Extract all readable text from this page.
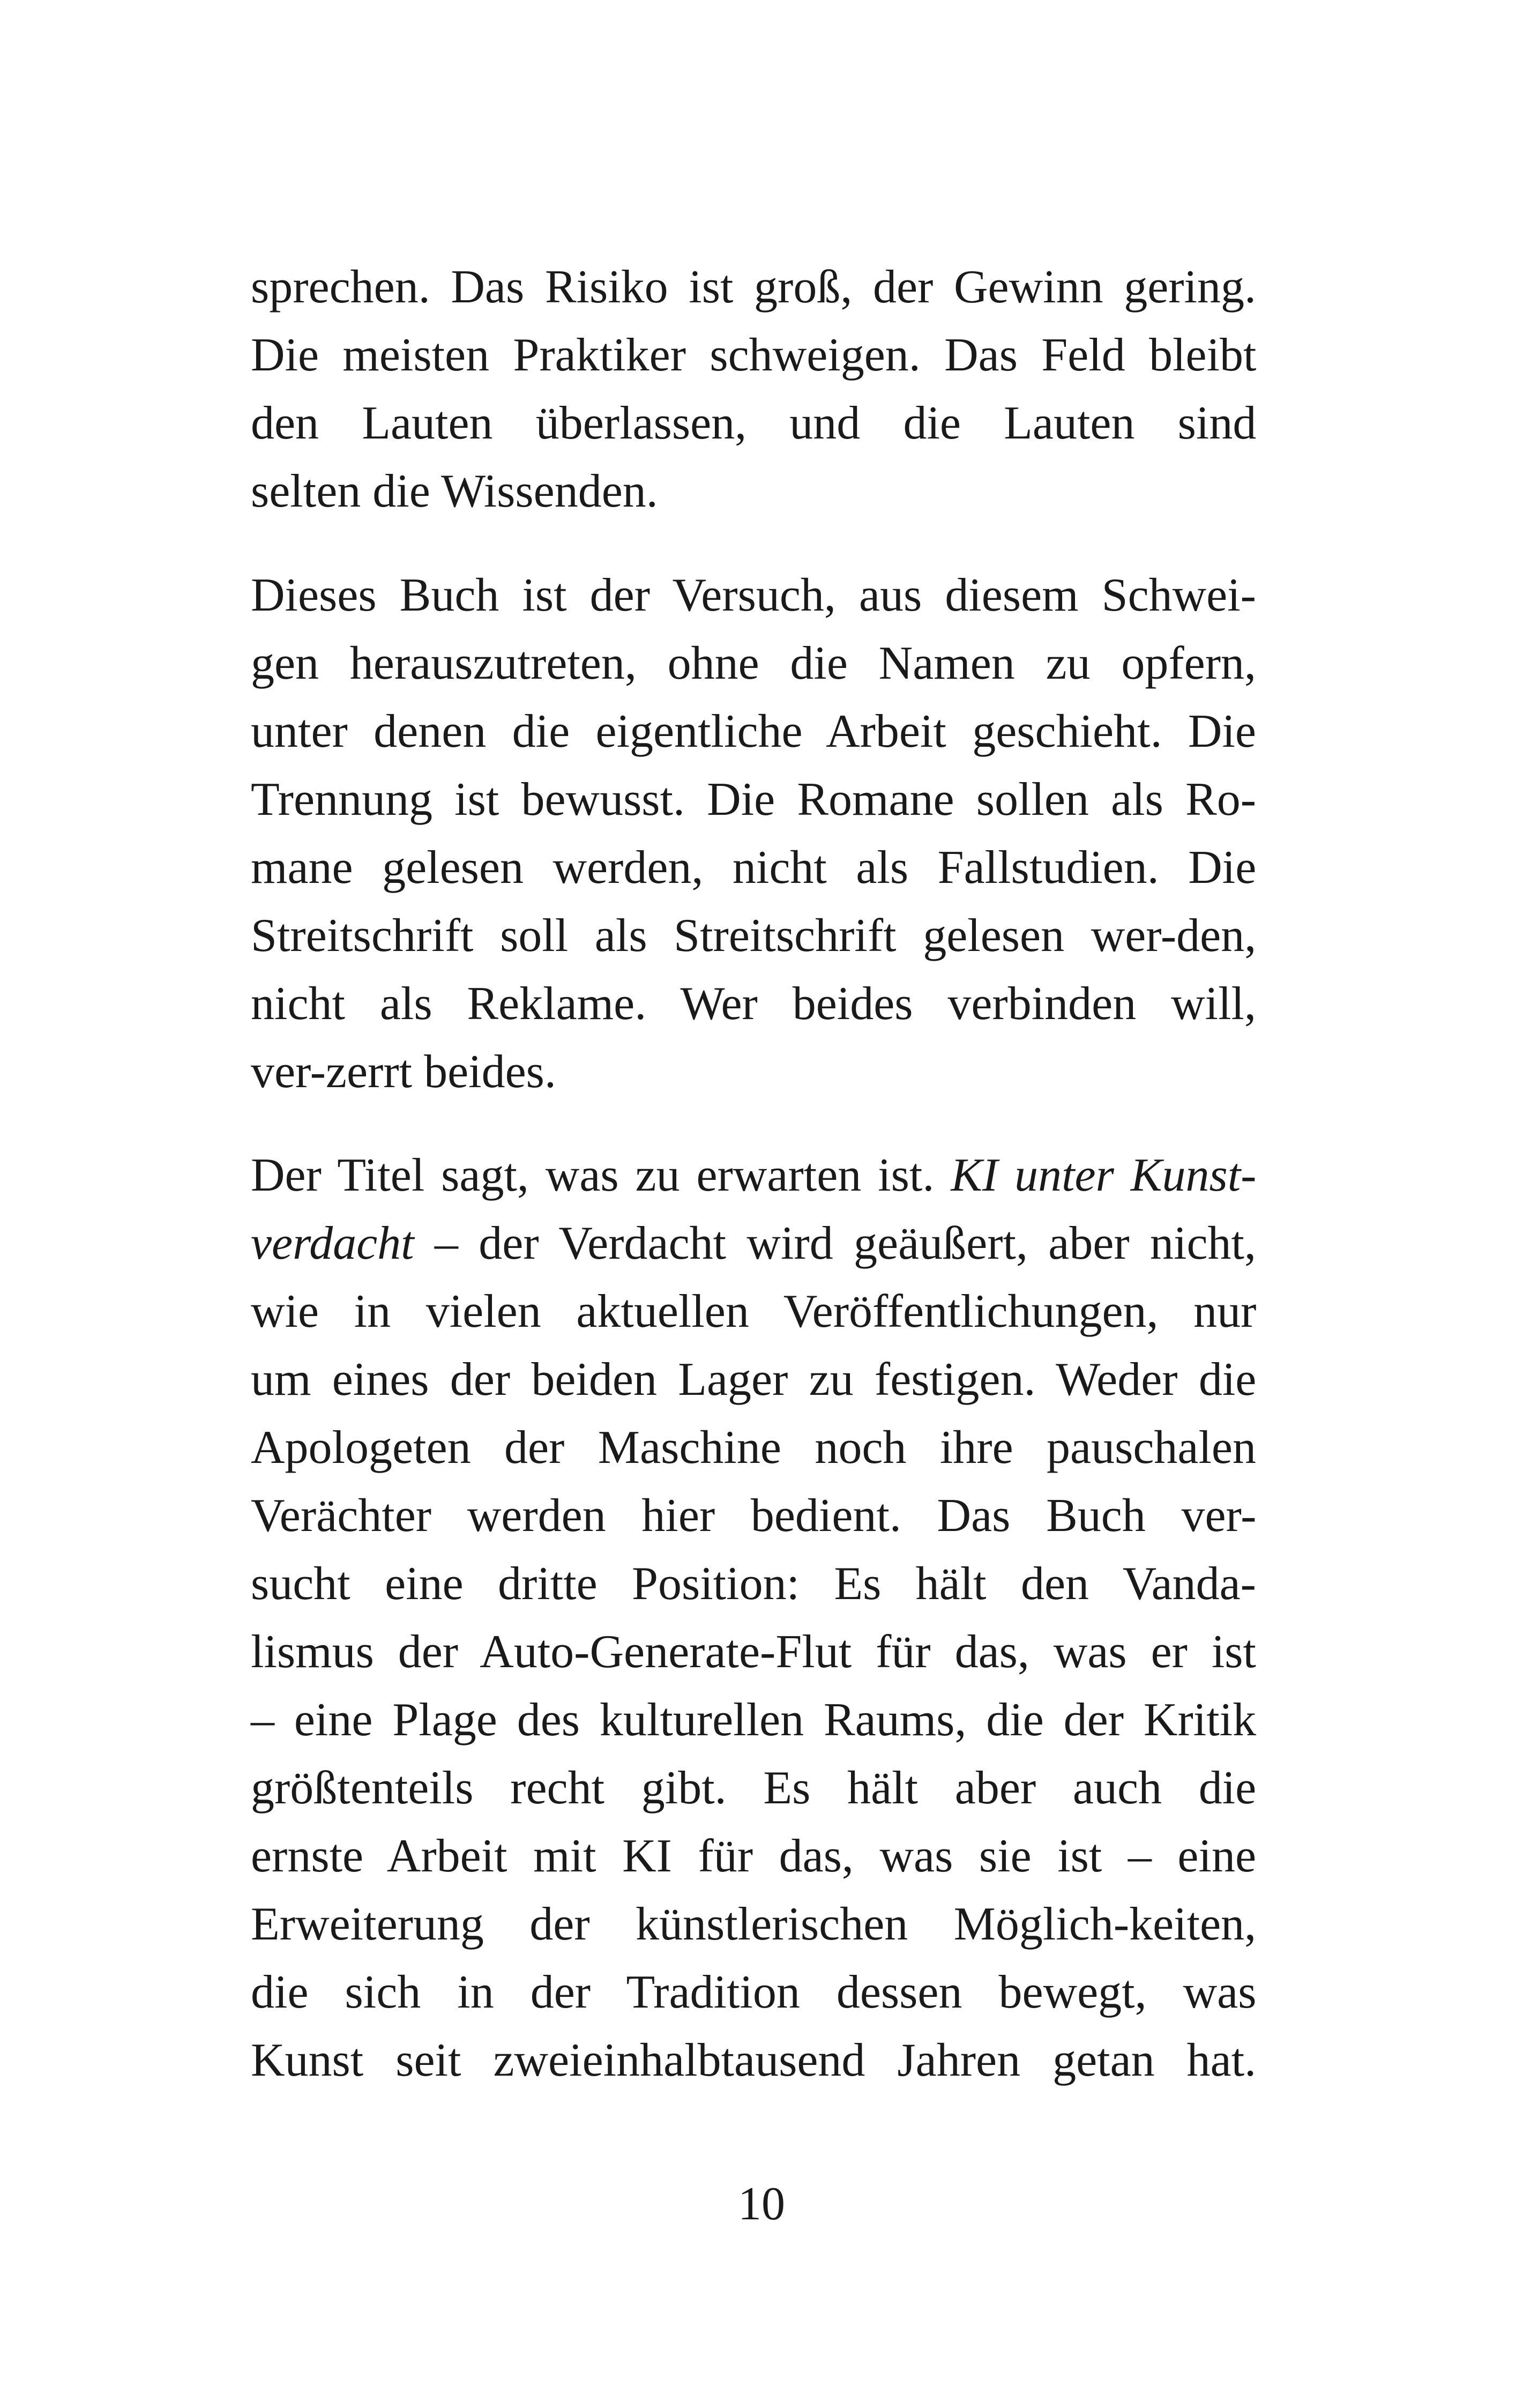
sprechen. Das Risiko ist groß, der Gewinn gering.
Die meisten Praktiker schweigen. Das Feld bleibt
den Lauten überlassen, und die Lauten sind
selten die Wissenden.
Dieses Buch ist der Versuch, aus diesem Schwei-
gen herauszutreten, ohne die Namen zu opfern,
unter denen die eigentliche Arbeit geschieht. Die
Trennung ist bewusst. Die Romane sollen als Ro-
mane gelesen werden, nicht als Fallstudien. Die
Streitschrift soll als Streitschrift gelesen wer-den,
nicht als Reklame. Wer beides verbinden will,
ver-zerrt beides.
Der Titel sagt, was zu erwarten ist. KI unter Kunst-
verdacht – der Verdacht wird geäußert, aber nicht,
wie in vielen aktuellen Veröffentlichungen, nur
um eines der beiden Lager zu festigen. Weder die
Apologeten der Maschine noch ihre pauschalen
Verächter werden hier bedient. Das Buch ver-
sucht eine dritte Position: Es hält den Vanda-
lismus der Auto-Generate-Flut für das, was er ist
– eine Plage des kulturellen Raums, die der Kritik
größtenteils recht gibt. Es hält aber auch die
ernste Arbeit mit KI für das, was sie ist – eine
Erweiterung der künstlerischen Möglich-keiten,
die sich in der Tradition dessen bewegt, was
Kunst seit zweieinhalbtausend Jahren getan hat.
10
